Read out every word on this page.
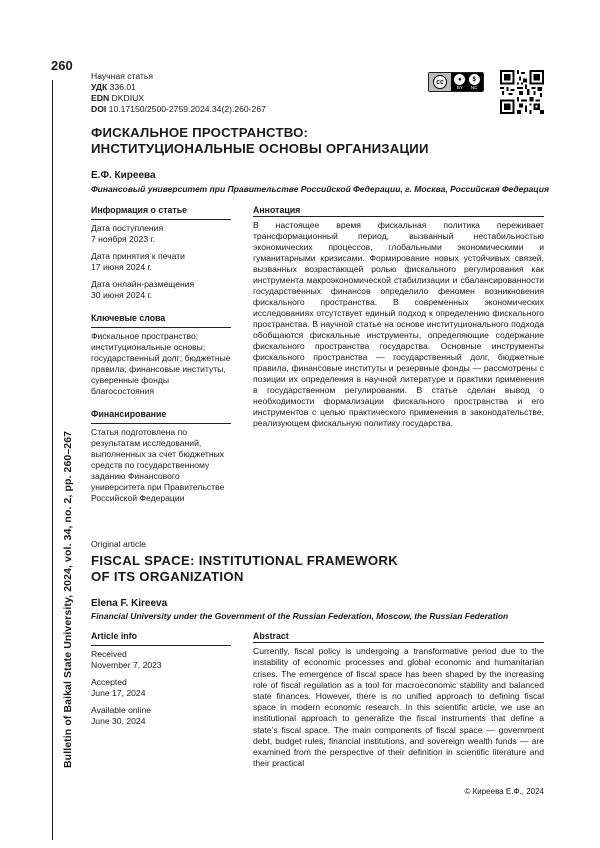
260
Bulletin of Baikal State University, 2024, vol. 34, no. 2, pp. 260–267
Научная статья
УДК 336.01
EDN DKDIUX
DOI 10.17150/2500-2759.2024.34(2).260-267
cc	●
BY
$
NC
ФИСКАЛЬНОЕ ПРОСТРАНСТВО:
ИНСТИТУЦИОНАЛЬНЫЕ ОСНОВЫ ОРГАНИЗАЦИИ
Е.Ф. Киреева
Финансовый университет при Правительстве Российской Федерации, г. Москва, Российская Федерация
Информация о статье
Дата поступления
7 ноября 2023 г.
Дата принятия к печати
17 июня 2024 г.
Дата онлайн-размещения
30 июня 2024 г.
Ключевые слова
Фискальное пространство; институциональные основы; государственный долг; бюджетные правила; финансовые институты, суверенные фонды благосостояния
Финансирование
Статья подготовлена по результатам исследований, выполненных за счет бюджетных средств по государственному заданию Финансового университета при Правительстве Российской Федерации
Аннотация
В настоящее время фискальная политика переживает трансформационный период, вызванный нестабильностью экономических процессов, глобальными экономическими и гуманитарными кризисами. Формирование новых устойчивых связей, вызванных возрастающей ролью фискального регулирования как инструмента макроэкономической стабилизации и сбалансированности государственных финансов определило феномен возникновения фискального пространства. В современных экономических исследованиях отсутствует единый подход к определению фискального пространства. В научной статье на основе институционального подхода обобщаются фискальные инструменты, определяющие содержание фискального пространства государства. Основные инструменты фискального пространства — государственный долг, бюджетные правила, финансовые институты и резервные фонды — рассмотрены с позиции их определения в научной литературе и практики применения в государственном регулировании. В статье сделан вывод о необходимости формализации фискального пространства и его инструментов с целью практического применения в законодательстве, реализующем фискальную политику государства.
Original article
FISCAL SPACE: INSTITUTIONAL FRAMEWORK
OF ITS ORGANIZATION
Elena F. Kireeva
Financial University under the Government of the Russian Federation, Moscow, the Russian Federation
Article info
Received
November 7, 2023
Accepted
June 17, 2024
Available online
June 30, 2024
Abstract
Currently, fiscal policy is undergoing a transformative period due to the instability of economic processes and global economic and humanitarian crises. The emergence of fiscal space has been shaped by the increasing role of fiscal regulation as a tool for macroeconomic stability and balanced state finances. However, there is no unified approach to defining fiscal space in modern economic research. In this scientific article, we use an institutional approach to generalize the fiscal instruments that define a state’s fiscal space. The main components of fiscal space — government debt, budget rules, financial institutions, and sovereign wealth funds — are examined from the perspective of their definition in scientific literature and their practical
© Киреева Е.Ф., 2024
